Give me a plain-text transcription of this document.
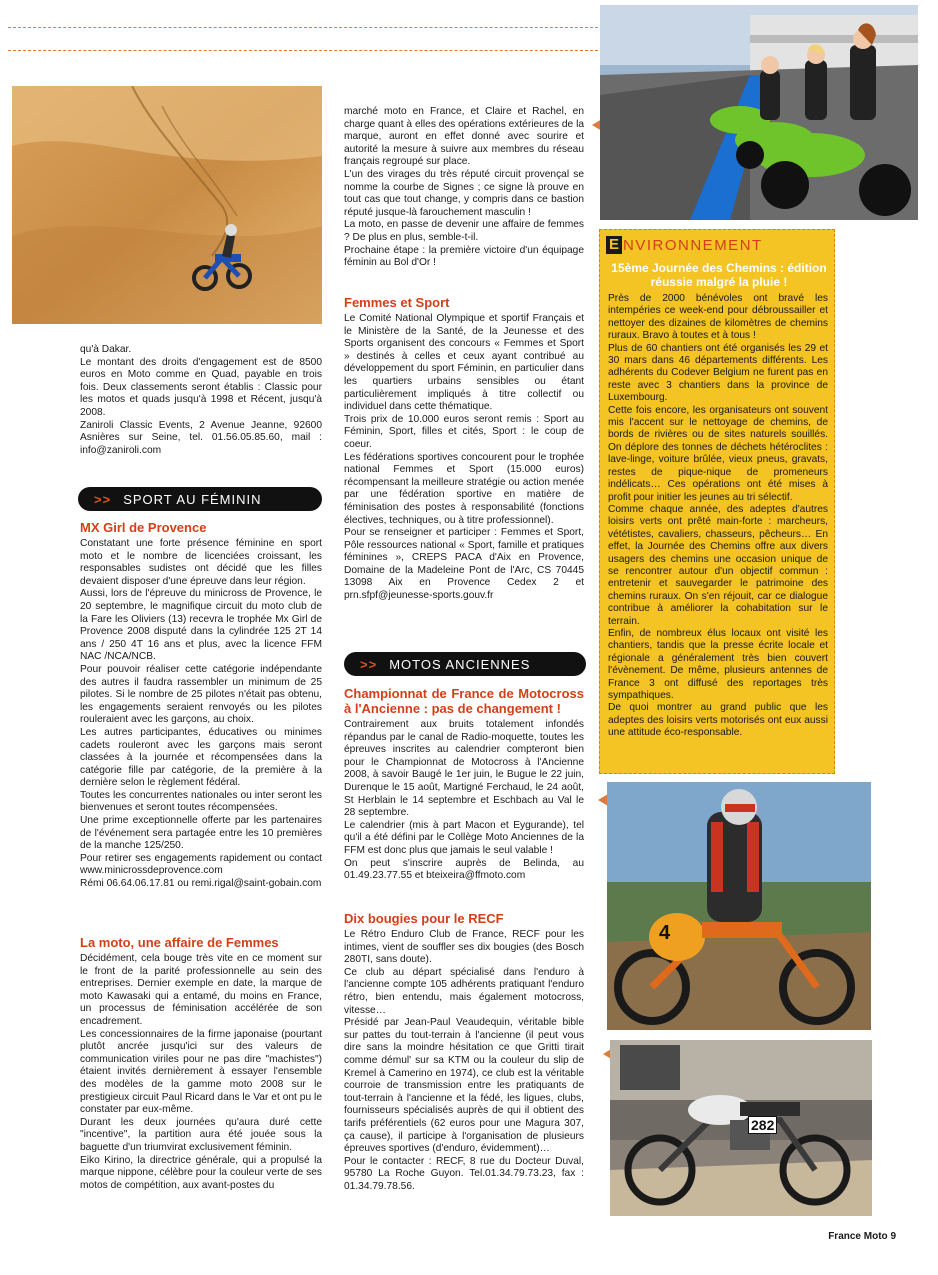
qu'à Dakar.

Le montant des droits d'engagement est de 8500 euros en Moto comme en Quad, payable en trois fois. Deux classements seront établis : Classic pour les motos et quads jusqu'à 1998 et Récent, jusqu'à 2008.

Zaniroli Classic Events, 2 Avenue Jeanne, 92600 Asnières sur Seine, tel. 01.56.05.85.60, mail : info@zaniroli.com

>> SPORT AU FÉMININ
MX Girl de Provence

Constatant une forte présence féminine en sport moto et le nombre de licenciées croissant, les responsables sudistes ont décidé que les filles devaient disposer d'une épreuve dans leur région.

Aussi, lors de l'épreuve du minicross de Provence, le 20 septembre, le magnifique circuit du moto club de la Fare les Oliviers (13) recevra le trophée Mx Girl de Provence 2008 disputé dans la cylindrée 125 2T 14 ans / 250 4T 16 ans et plus, avec la licence FFM NAC /NCA/NCB.

Pour pouvoir réaliser cette catégorie indépendante des autres il faudra rassembler un minimum de 25 pilotes. Si le nombre de 25 pilotes n'était pas obtenu, les engagements seraient renvoyés ou les pilotes rouleraient avec les garçons, au choix.

Les autres participantes, éducatives ou minimes cadets rouleront avec les garçons mais seront classées à la journée et récompensées dans la catégorie fille par catégorie, de la première à la dernière selon le règlement fédéral.

Toutes les concurrentes nationales ou inter seront les bienvenues et seront toutes récompensées.

Une prime exceptionnelle offerte par les partenaires de l'événement sera partagée entre les 10 premières de la manche 125/250.

Pour retirer ses engagements rapidement ou contact www.minicrossdeprovence.com

Rémi 06.64.06.17.81 ou remi.rigal@saint-gobain.com

La moto, une affaire de Femmes

Décidément, cela bouge très vite en ce moment sur le front de la parité professionnelle au sein des entreprises. Dernier exemple en date, la marque de moto Kawasaki qui a entamé, du moins en France, un processus de féminisation accélérée de son encadrement.

Les concessionnaires de la firme japonaise (pourtant plutôt ancrée jusqu'ici sur des valeurs de communication viriles pour ne pas dire "machistes") étaient invités dernièrement à essayer l'ensemble des modèles de la gamme moto 2008 sur le prestigieux circuit Paul Ricard dans le Var et ont pu le constater par eux-même.

Durant les deux journées qu'aura duré cette "incentive", la partition aura été jouée sous la baguette d'un triumvirat exclusivement féminin.

Eiko Kirino, la directrice générale, qui a propulsé la marque nippone, célèbre pour la couleur verte de ses motos de compétition, aux avant-postes du

marché moto en France, et Claire et Rachel, en charge quant à elles des opérations extérieures de la marque, auront en effet donné avec sourire et autorité la mesure à suivre aux membres du réseau français regroupé sur place.

L'un des virages du très réputé circuit provençal se nomme la courbe de Signes ; ce signe là prouve en tout cas que tout change, y compris dans ce bastion réputé jusque-là farouchement masculin !

La moto, en passe de devenir une affaire de femmes ? De plus en plus, semble-t-il.

Prochaine étape : la première victoire d'un équipage féminin au Bol d'Or !

Femmes et Sport

Le Comité National Olympique et sportif Français et le Ministère de la Santé, de la Jeunesse et des Sports organisent des concours « Femmes et Sport » destinés à celles et ceux ayant contribué au développement du sport Féminin, en particulier dans les quartiers urbains sensibles ou étant particulièrement impliqués à titre collectif ou individuel dans cette thématique.

Trois prix de 10.000 euros seront remis : Sport au Féminin, Sport, filles et cités, Sport : le coup de coeur.

Les fédérations sportives concourent pour le trophée national Femmes et Sport (15.000 euros) récompensant la meilleure stratégie ou action menée par une fédération sportive en matière de féminisation des postes à responsabilité (fonctions électives, techniques, ou à titre professionnel).

Pour se renseigner et participer : Femmes et Sport, Pôle ressources national « Sport, famille et pratiques féminines », CREPS PACA d'Aix en Provence, Domaine de la Madeleine Pont de l'Arc, CS 70445 13098 Aix en Provence Cedex 2 et prn.sfpf@jeunesse-sports.gouv.fr

>> MOTOS ANCIENNES
Championnat de France de Motocross à l'Ancienne : pas de changement !

Contrairement aux bruits totalement infondés répandus par le canal de Radio-moquette, toutes les épreuves inscrites au calendrier compteront bien pour le Championnat de Motocross à l'Ancienne 2008, à savoir Baugé le 1er juin, le Bugue le 22 juin, Durenque le 15 août, Martigné Ferchaud, le 24 août, St Herblain le 14 septembre et Eschbach au Val le 28 septembre.

Le calendrier (mis à part Macon et Eygurande), tel qu'il a été défini par le Collège Moto Anciennes de la FFM est donc plus que jamais le seul valable !

On peut s'inscrire auprès de Belinda, au 01.49.23.77.55 et bteixeira@ffmoto.com

Dix bougies pour le RECF

Le Rétro Enduro Club de France, RECF pour les intimes, vient de souffler ses dix bougies (des Bosch 280TI, sans doute).

Ce club au départ spécialisé dans l'enduro à l'ancienne compte 105 adhérents pratiquant l'enduro rétro, bien entendu, mais également motocross, vitesse…

Présidé par Jean-Paul Veaudequin, véritable bible sur pattes du tout-terrain à l'ancienne (il peut vous dire sans la moindre hésitation ce que Gritti tirait comme démul' sur sa KTM ou la couleur du slip de Kremel à Camerino en 1974), ce club est la véritable courroie de transmission entre les pratiquants de tout-terrain à l'ancienne et la fédé, les ligues, clubs, fournisseurs spécialisés auprès de qui il obtient des tarifs préférentiels (62 euros pour une Magura 307, ça cause), il participe à l'organisation de plusieurs épreuves sportives (d'enduro, évidemment)…

Pour le contacter : RECF, 8 rue du Docteur Duval, 95780 La Roche Guyon. Tel.01.34.79.73.23, fax : 01.34.79.78.56.

E NVIRONNEMENT
15ème Journée des Chemins : édition réussie malgré la pluie !

Près de 2000 bénévoles ont bravé les intempéries ce week-end pour débroussailler et nettoyer des dizaines de kilomètres de chemins ruraux. Bravo à toutes et à tous !

Plus de 60 chantiers ont été organisés les 29 et 30 mars dans 46 départements différents. Les adhérents du Codever Belgium ne furent pas en reste avec 3 chantiers dans la province de Luxembourg.

Cette fois encore, les organisateurs ont souvent mis l'accent sur le nettoyage de chemins, de bords de rivières ou de sites naturels souillés. On déplore des tonnes de déchets hétéroclites : lave-linge, voiture brûlée, vieux pneus, gravats, restes de pique-nique de promeneurs indélicats… Ces opérations ont été mises à profit pour initier les jeunes au tri sélectif.

Comme chaque année, des adeptes d'autres loisirs verts ont prêté main-forte : marcheurs, vététistes, cavaliers, chasseurs, pêcheurs… En effet, la Journée des Chemins offre aux divers usagers des chemins une occasion unique de se rencontrer autour d'un objectif commun : entretenir et sauvegarder le patrimoine des chemins ruraux. On s'en réjouit, car ce dialogue contribue à améliorer la cohabitation sur le terrain.

Enfin, de nombreux élus locaux ont visité les chantiers, tandis que la presse écrite locale et régionale a généralement très bien couvert l'évènement. De même, plusieurs antennes de France 3 ont diffusé des reportages très sympathiques.

De quoi montrer au grand public que les adeptes des loisirs verts motorisés ont eux aussi une attitude éco-responsable.

4
282
France Moto 9
